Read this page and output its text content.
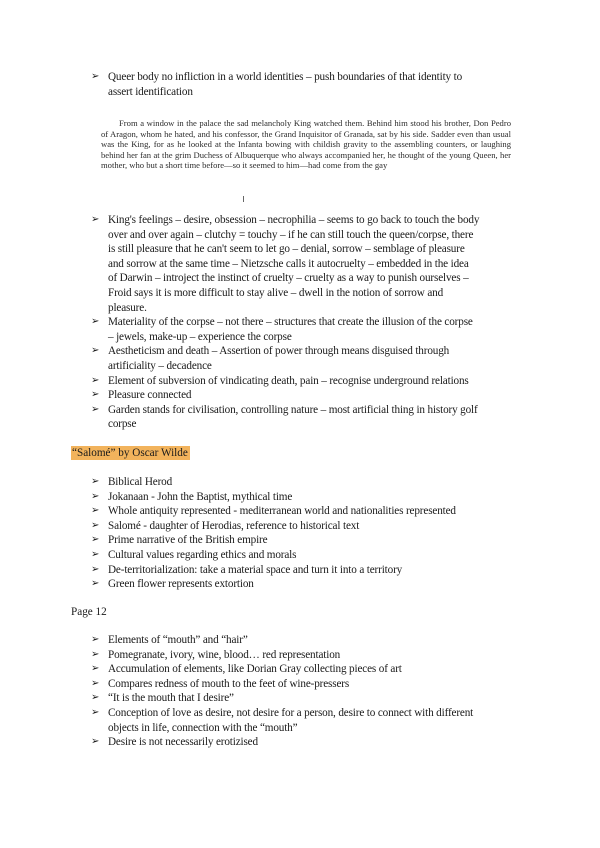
➢ Queer body no infliction in a world identities – push boundaries of that identity to
assert identification
From a window in the palace the sad melancholy King watched them. Behind him stood his brother, Don Pedro of Aragon, whom he hated, and his confessor, the Grand Inquisitor of Granada, sat by his side. Sadder even than usual was the King, for as he looked at the Infanta bowing with childish gravity to the assembling counters, or laughing behind her fan at the grim Duchess of Albuquerque who always accompanied her, he thought of the young Queen, her mother, who but a short time before—so it seemed to him—had come from the gay
➢ King's feelings – desire, obsession – necrophilia – seems to go back to touch the body
over and over again – clutchy = touchy – if he can still touch the queen/corpse, there
is still pleasure that he can't seem to let go – denial, sorrow – semblage of pleasure
and sorrow at the same time – Nietzsche calls it autocruelty – embedded in the idea
of Darwin – introject the instinct of cruelty – cruelty as a way to punish ourselves –
Froid says it is more difficult to stay alive – dwell in the notion of sorrow and
pleasure.
➢ Materiality of the corpse – not there – structures that create the illusion of the corpse
– jewels, make-up – experience the corpse
➢ Aestheticism and death – Assertion of power through means disguised through
artificiality – decadence
➢ Element of subversion of vindicating death, pain – recognise underground relations
➢ Pleasure connected
➢ Garden stands for civilisation, controlling nature – most artificial thing in history golf
corpse
“Salomé” by Oscar Wilde
➢ Biblical Herod
➢ Jokanaan - John the Baptist, mythical time
➢ Whole antiquity represented - mediterranean world and nationalities represented
➢ Salomé - daughter of Herodias, reference to historical text
➢ Prime narrative of the British empire
➢ Cultural values regarding ethics and morals
➢ De-territorialization: take a material space and turn it into a territory
➢ Green flower represents extortion
Page 12
➢ Elements of “mouth” and “hair”
➢ Pomegranate, ivory, wine, blood… red representation
➢ Accumulation of elements, like Dorian Gray collecting pieces of art
➢ Compares redness of mouth to the feet of wine-pressers
➢ “It is the mouth that I desire”
➢ Conception of love as desire, not desire for a person, desire to connect with different
objects in life, connection with the “mouth”
➢ Desire is not necessarily erotizised
